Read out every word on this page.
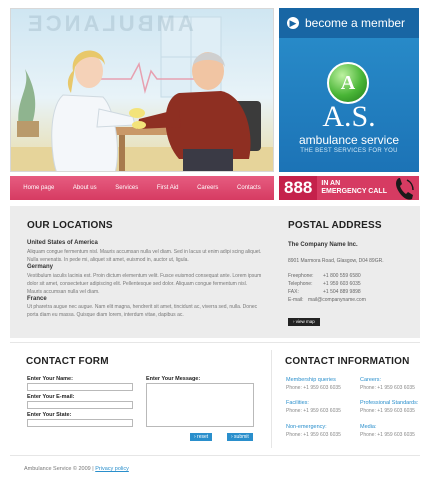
AMBULANCE	▶ become a member
A
A.S.
ambulance service
THE BEST SERVICES FOR YOU
Home page	About us	Services	First Aid	Careers	Contacts 888	IN AN
EMERGENCY CALL
OUR LOCATIONS
United States of America
Aliquam congue fermentum nisl. Mauris accumsan nulla vel diam. Sed in lacus ut enim adipi scing aliquet. Nulla venenatis. In pede mi, aliquet sit amet, euismod in, auctor ut, ligula.
Germany
Vestibulum iaculis lacinia est. Proin dictum elementum velit. Fusce euismod consequat ante. Lorem ipsum dolor sit amet, consectetuer adipiscing elit. Pellentesque sed dolor. Aliquam congue fermentum nisl. Mauris accumsan nulla vel diam.
France
Ut pharetra augue nec augue. Nam elit magna, hendrerit sit amet, tincidunt ac, viverra sed, nulla. Donec porta diam eu massa. Quisque diam lorem, interdum vitae, dapibus ac.
POSTAL ADDRESS
The Company Name Inc.
8901 Marmora Road, Glasgow, D04 89GR.
Freephone: +1 800 559 6580
Telephone: +1 959 603 6035
FAX:	+1 504 889 9898
E-mail: mail@companyname.com
› view map
CONTACT FORM
Enter Your Name:
Enter Your E-mail:
Enter Your State:
Enter Your Message:
› reset	› submit
CONTACT INFORMATION
Membership queries
Phone: +1 959 603 6035
Careers:
Phone: +1 959 603 6035
Facilities:
Phone: +1 959 603 6035
Professional Standards:
Phone: +1 959 603 6035
Non-emergency:
Phone: +1 959 603 6035
Media:
Phone: +1 959 603 6035
Ambulance Service © 2009 | Privacy policy
